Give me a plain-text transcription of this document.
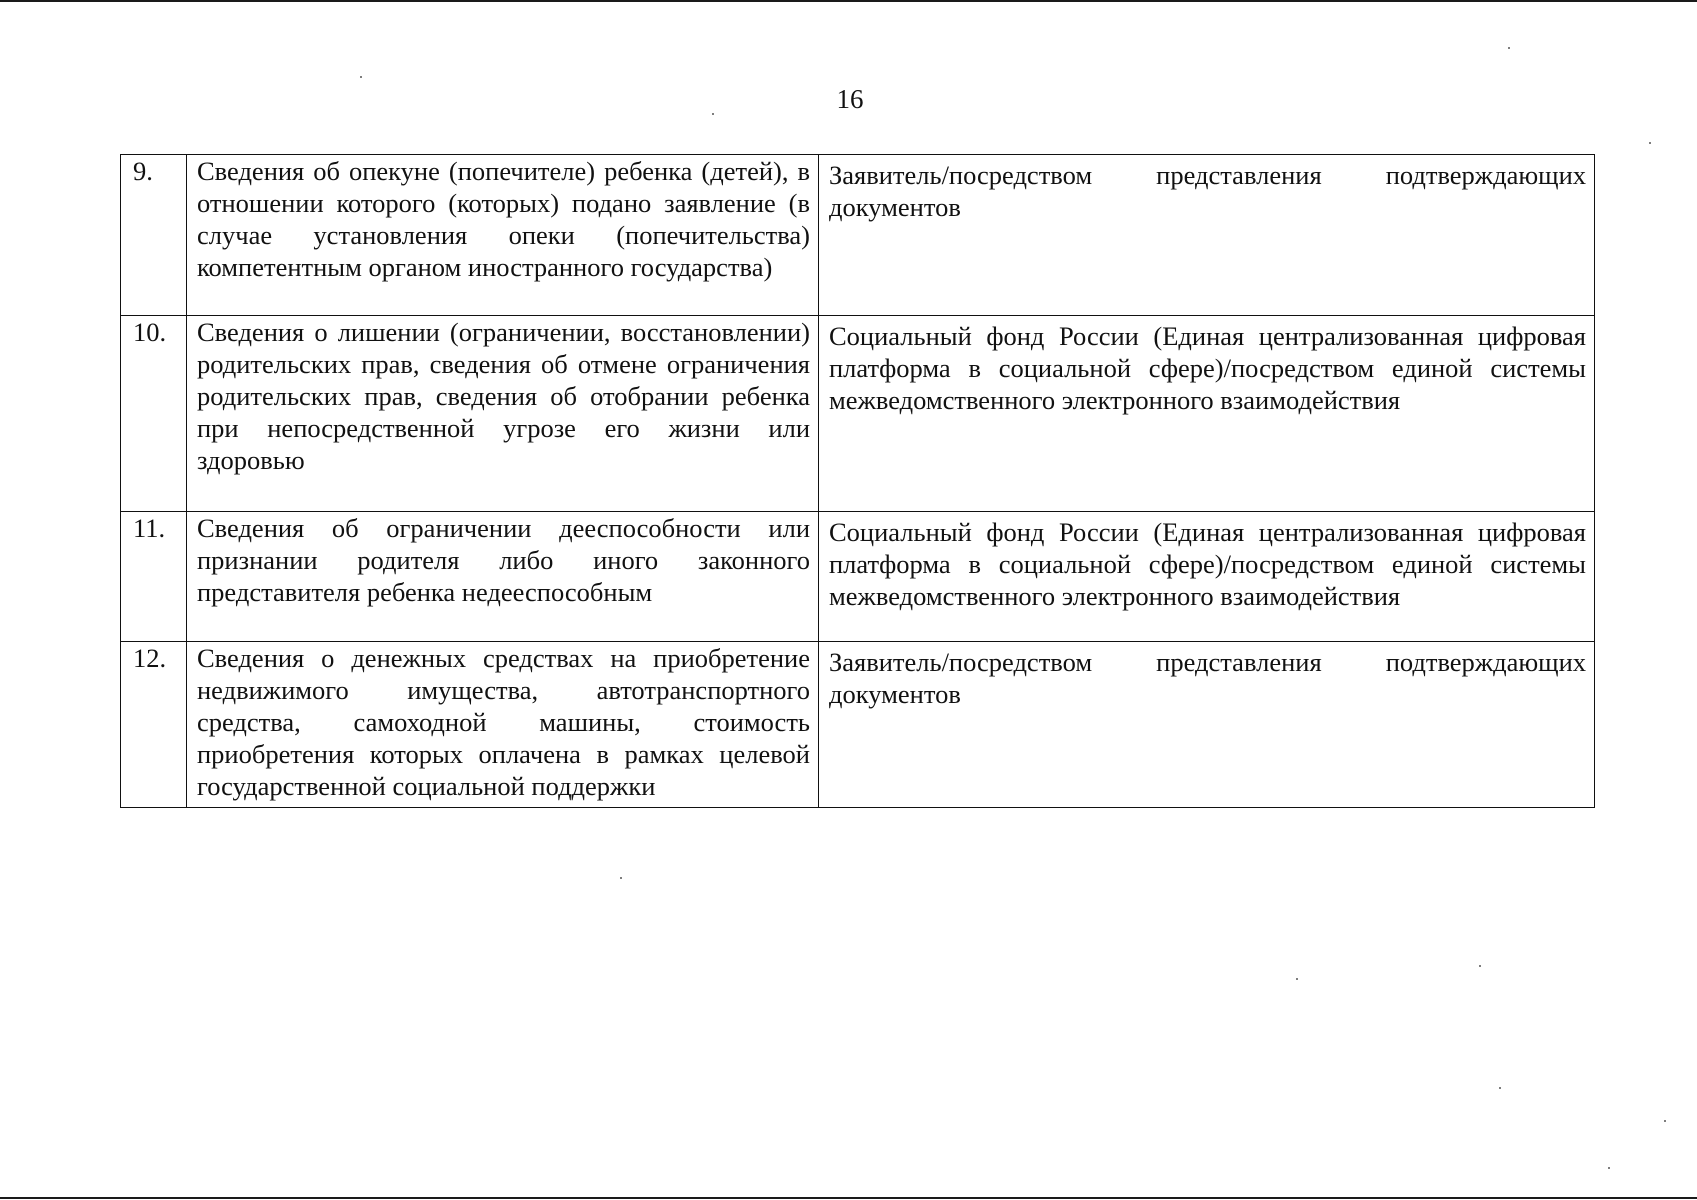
16
9.	Сведения об опекуне (попечителе) ребенка (детей), в отношении которого (которых) подано заявление (в случае установления опеки (попечительства) компетентным органом иностранного государства)	Заявитель/посредством представления подтверждающих документов
10.	Сведения о лишении (ограничении, восстановлении) родительских прав, сведения об отмене ограничения родительских прав, сведения об отобрании ребенка при непосредственной угрозе его жизни или здоровью	Социальный фонд России (Единая централизованная цифровая платформа в социальной сфере)/посредством единой системы межведомственного электронного взаимодействия
11.	Сведения об ограничении дееспособности или признании родителя либо иного законного представителя ребенка недееспособным	Социальный фонд России (Единая централизованная цифровая платформа в социальной сфере)/посредством единой системы межведомственного электронного взаимодействия
12.	Сведения о денежных средствах на приобретение недвижимого имущества, автотранспортного средства, самоходной машины, стоимость приобретения которых оплачена в рамках целевой государственной социальной поддержки	Заявитель/посредством представления подтверждающих документов
